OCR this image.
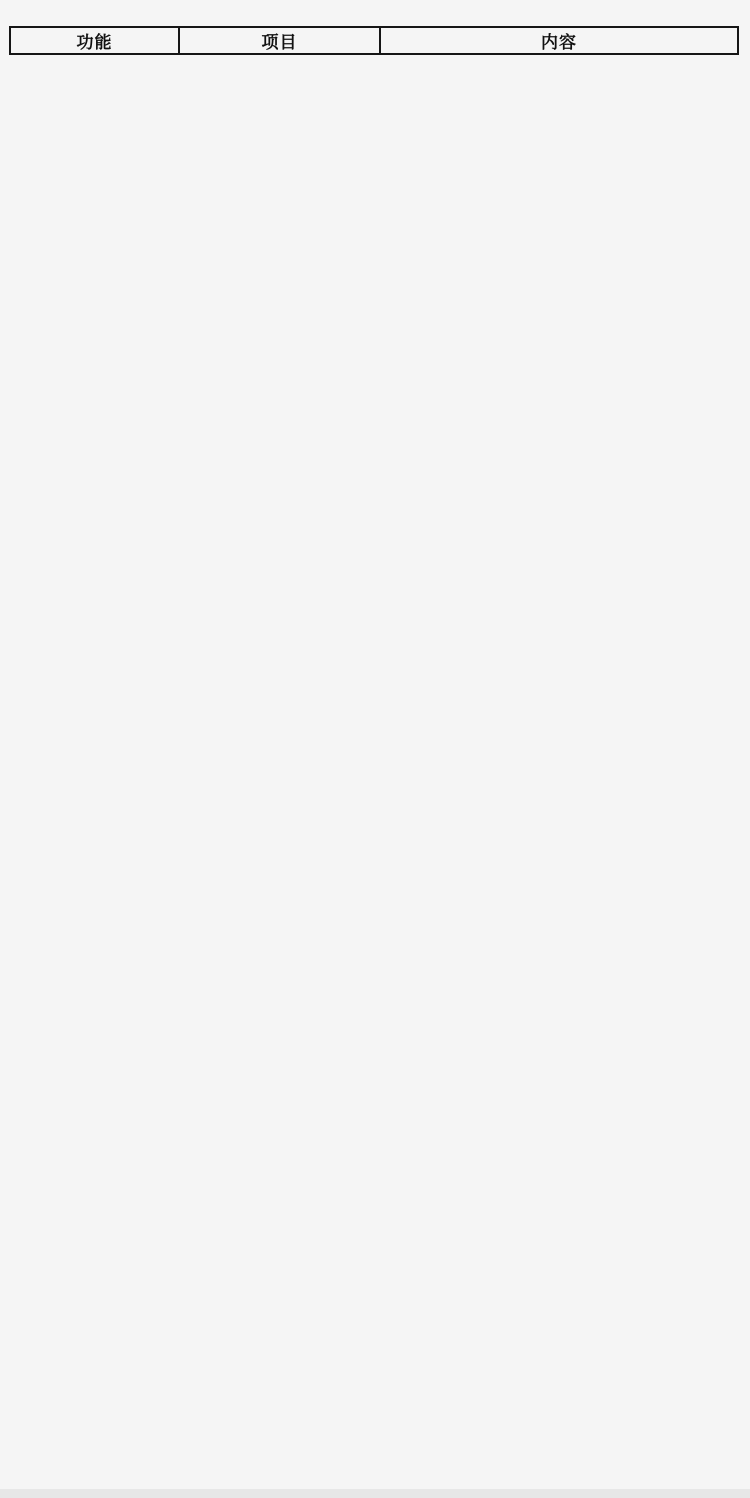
功能	项目	内容
